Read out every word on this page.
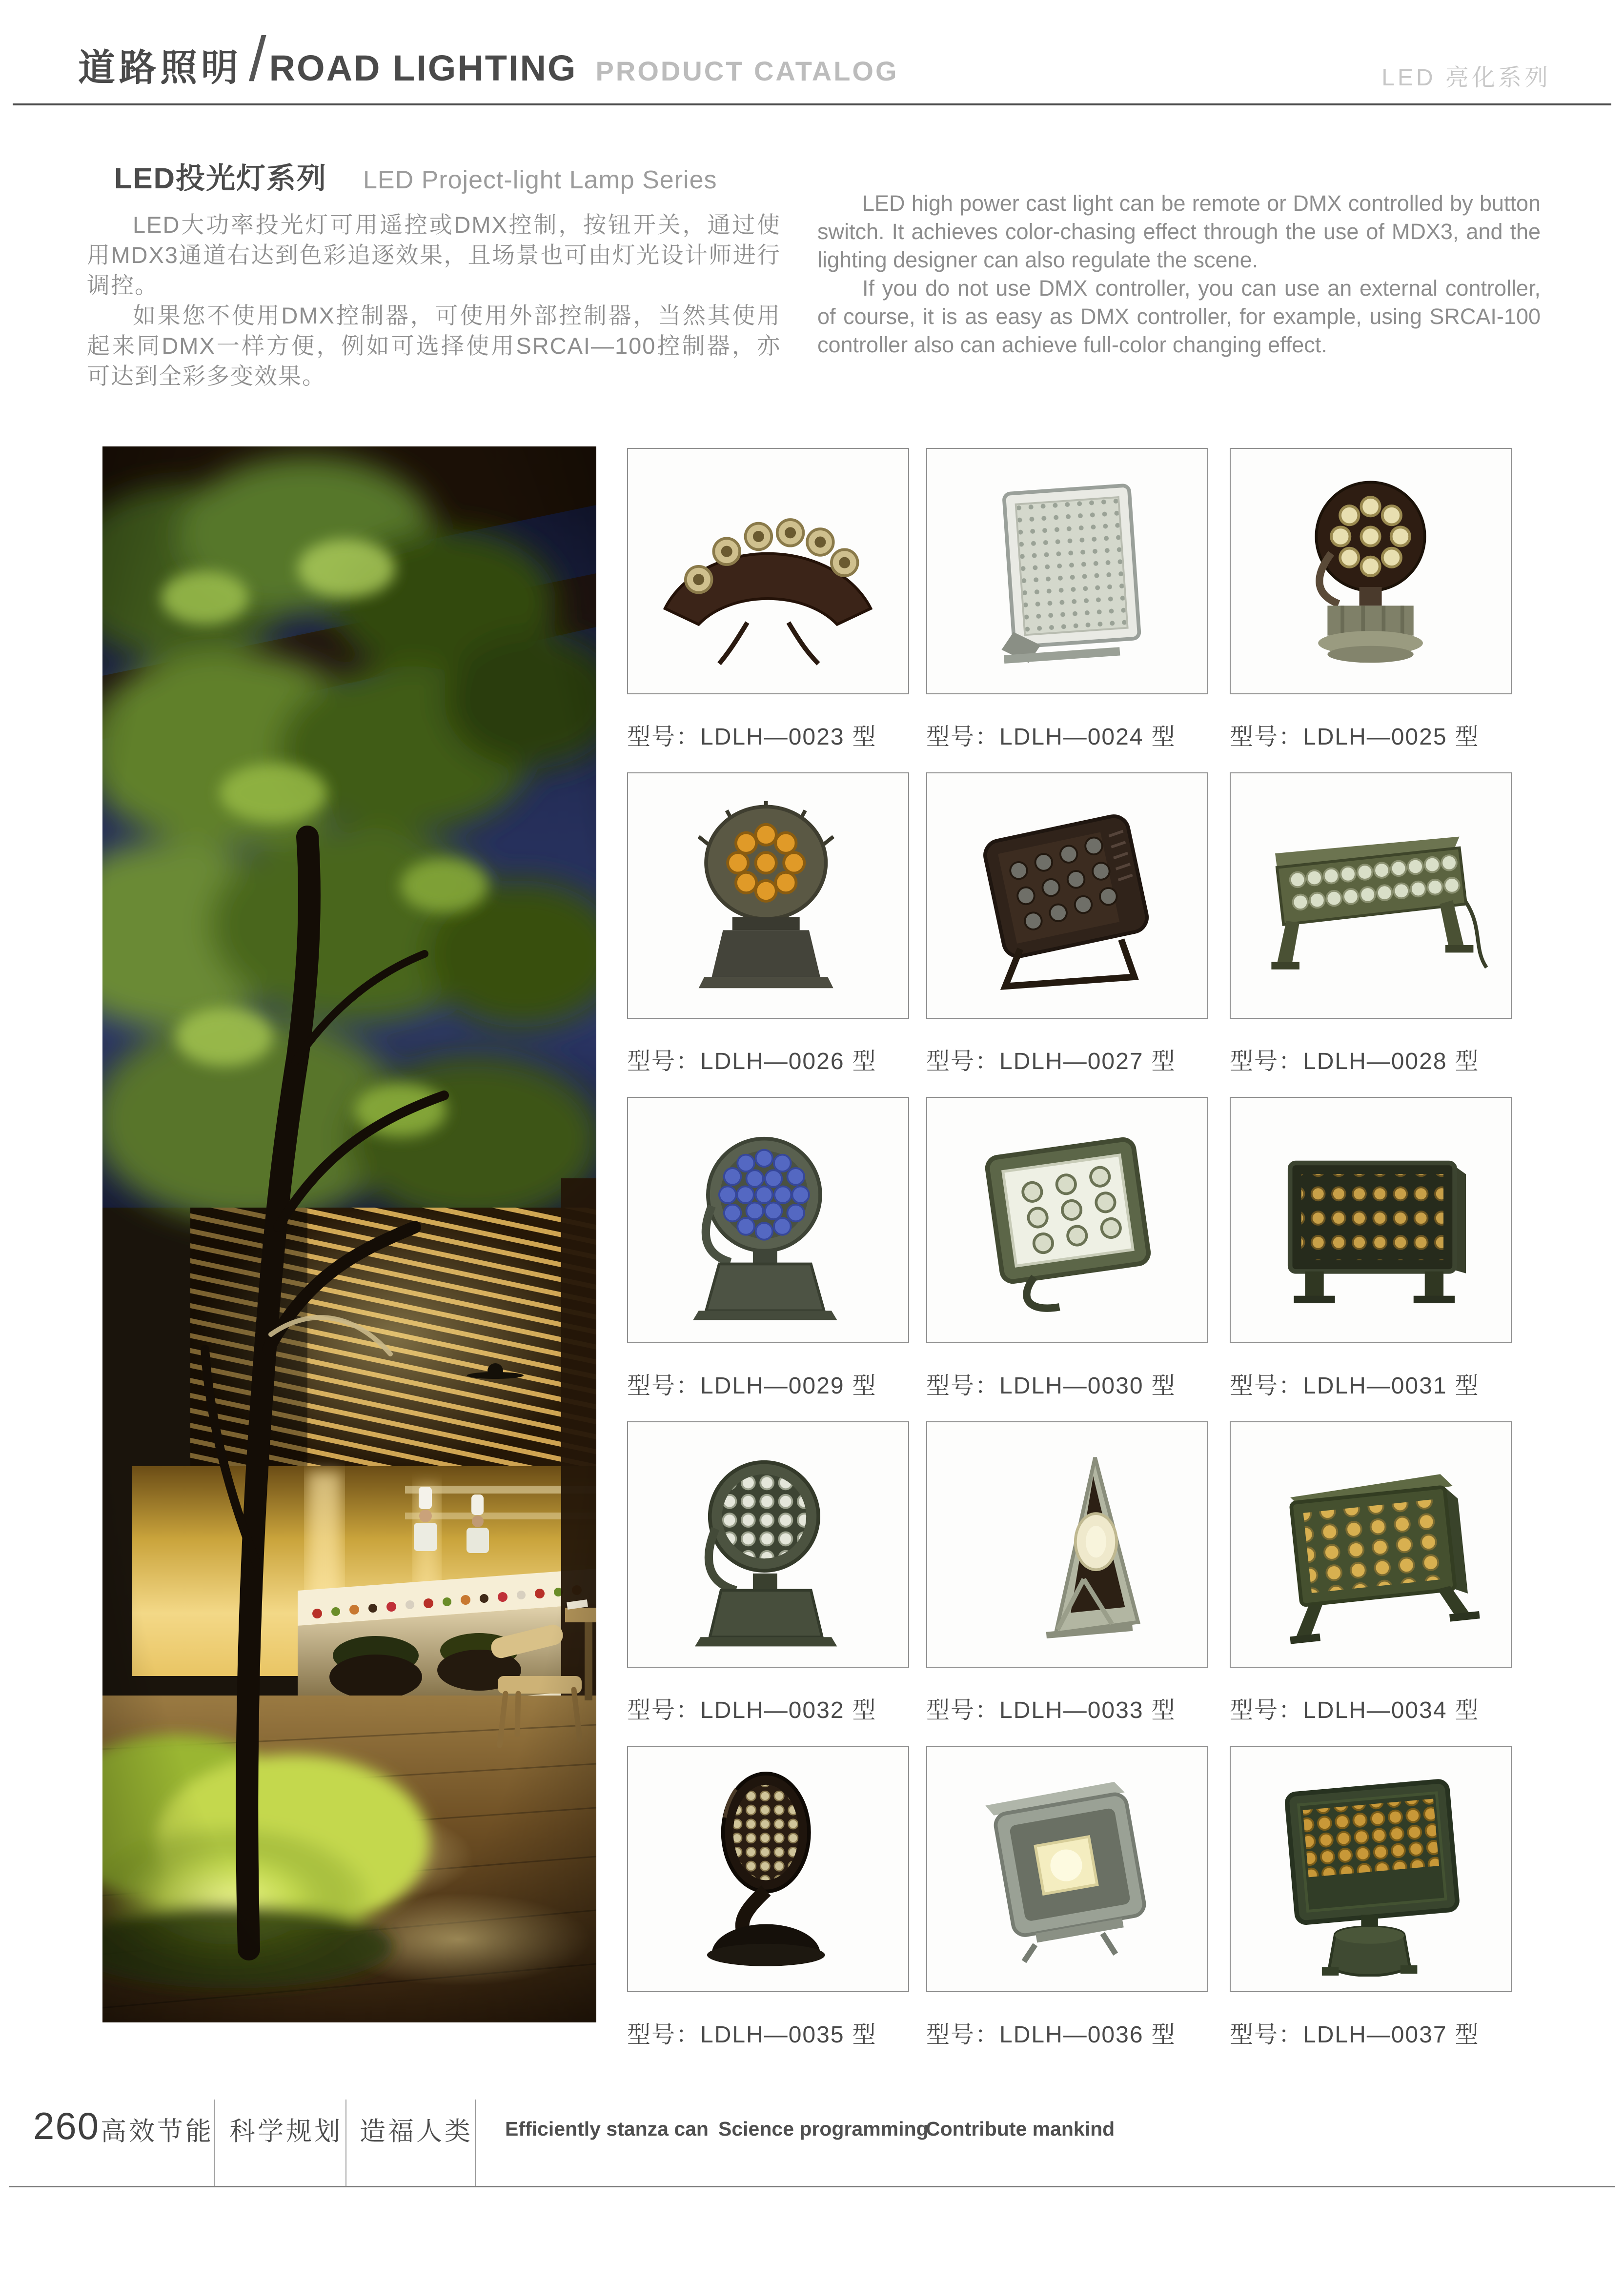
道路照明 / ROAD LIGHTING PRODUCT CATALOG	LED 亮化系列
LED投光灯系列 LED Project-light Lamp Series

LED大功率投光灯可用遥控或DMX控制，按钮开关，通过使用MDX3通道右达到色彩追逐效果，且场景也可由灯光设计师进行调控。

如果您不使用DMX控制器，可使用外部控制器，当然其使用起来同DMX一样方便，例如可选择使用SRCAI—100控制器，亦可达到全彩多变效果。

LED high power cast light can be remote or DMX controlled by button switch. It achieves color-chasing effect through the use of MDX3, and the lighting designer can also regulate the scene.

If you do not use DMX controller, you can use an external controller, of course, it is as easy as DMX controller, for example, using SRCAI-100 controller also can achieve full-color changing effect.

型号：LDLH—0023 型	型号：LDLH—0024 型	型号：LDLH—0025 型
型号：LDLH—0026 型	型号：LDLH—0027 型	型号：LDLH—0028 型
型号：LDLH—0029 型	型号：LDLH—0030 型	型号：LDLH—0031 型
型号：LDLH—0032 型	型号：LDLH—0033 型	型号：LDLH—0034 型
型号：LDLH—0035 型	型号：LDLH—0036 型	型号：LDLH—0037 型
260 高效节能 科学规划 造福人类 Efficiently stanza can Science programming
Contribute mankind
